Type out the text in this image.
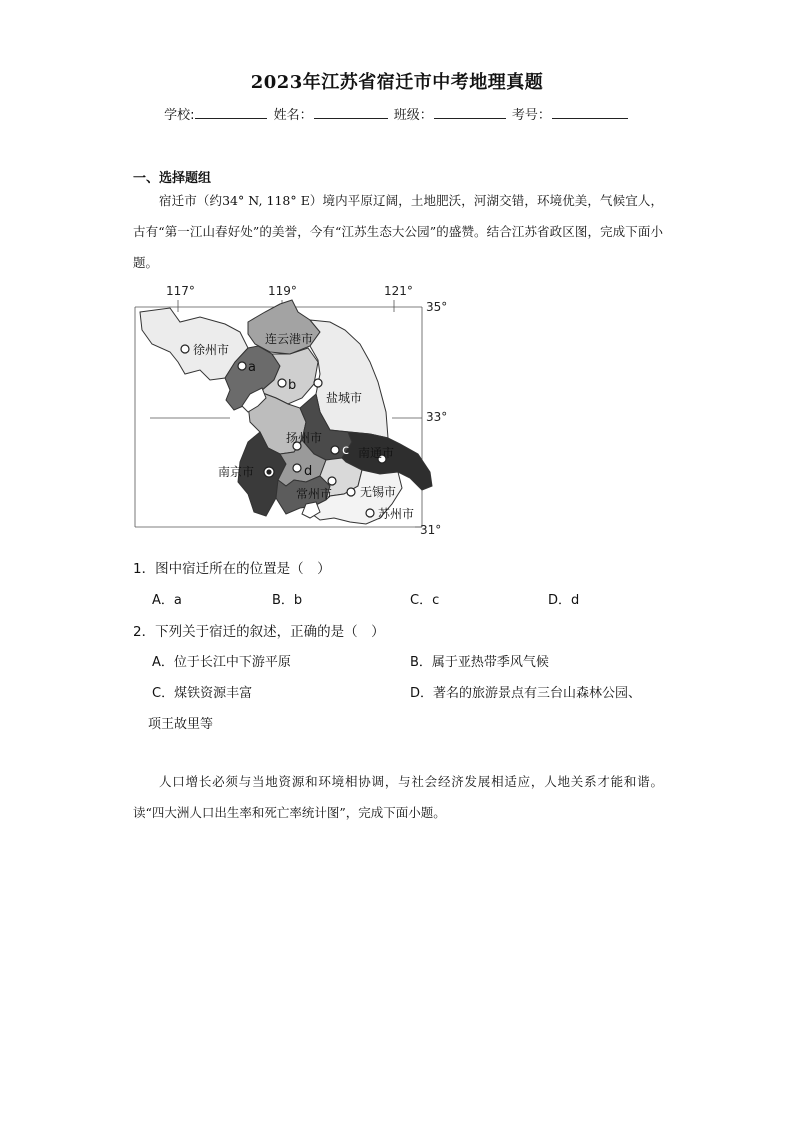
2023年江苏省宿迁市中考地理真题
学校:	姓名：	班级：	考号：
一、选择题组
宿迁市（约34° N, 118° E）境内平原辽阔，土地肥沃，河湖交错，环境优美，气候宜人，古有“第一江山春好处”的美誉，今有“江苏生态大公园”的盛赞。结合江苏省政区图，完成下面小题。
117°	119°	121°
35°
33°
31°
徐州市
连云港市
盐城市
扬州市
南通市
南京市
常州市 无锡市
苏州市
a
b
c
d
1．图中宿迁所在的位置是（　）
A．a	B．b	C．c	D．d
2．下列关于宿迁的叙述，正确的是（　）
A．位于长江中下游平原	B．属于亚热带季风气候
C．煤铁资源丰富	D．著名的旅游景点有三台山森林公园、
项王故里等
人口增长必须与当地资源和环境相协调，与社会经济发展相适应，人地关系才能和谐。读“四大洲人口出生率和死亡率统计图”，完成下面小题。
